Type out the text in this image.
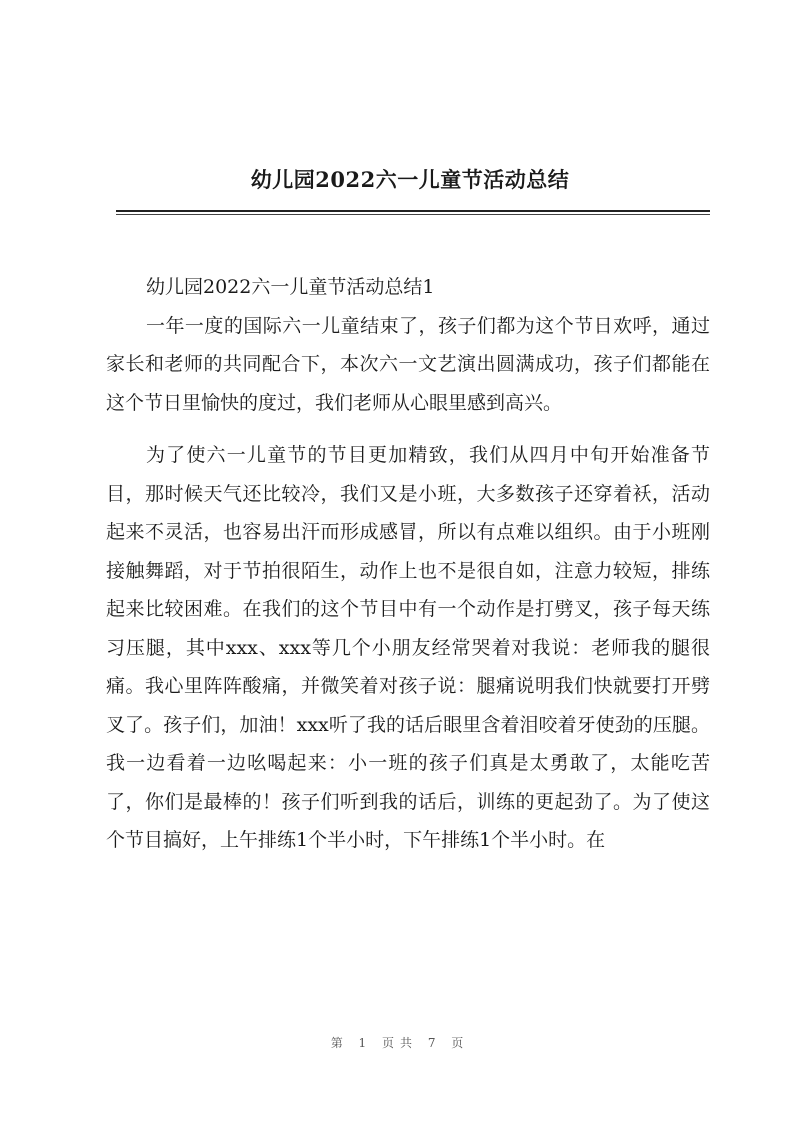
幼儿园2022六一儿童节活动总结

幼儿园2022六一儿童节活动总结1

一年一度的国际六一儿童结束了，孩子们都为这个节日欢呼，通过家长和老师的共同配合下，本次六一文艺演出圆满成功，孩子们都能在这个节日里愉快的度过，我们老师从心眼里感到高兴。

为了使六一儿童节的节目更加精致，我们从四月中旬开始准备节目，那时候天气还比较冷，我们又是小班，大多数孩子还穿着袄，活动起来不灵活，也容易出汗而形成感冒，所以有点难以组织。由于小班刚接触舞蹈，对于节拍很陌生，动作上也不是很自如，注意力较短，排练起来比较困难。在我们的这个节目中有一个动作是打劈叉，孩子每天练习压腿，其中xxx、xxx等几个小朋友经常哭着对我说：老师我的腿很痛。我心里阵阵酸痛，并微笑着对孩子说：腿痛说明我们快就要打开劈叉了。孩子们，加油！xxx听了我的话后眼里含着泪咬着牙使劲的压腿。我一边看着一边吆喝起来：小一班的孩子们真是太勇敢了，太能吃苦了，你们是最棒的！孩子们听到我的话后，训练的更起劲了。为了使这个节目搞好，上午排练1个半小时，下午排练1个半小时。在

第 1 页共 7 页
